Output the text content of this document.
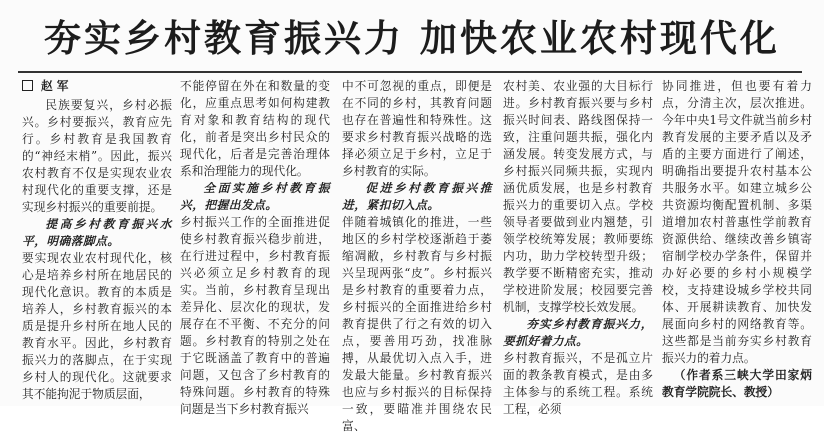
夯实乡村教育振兴力 加快农业农村现代化

赵 军

民族要复兴，乡村必振兴。乡村要振兴，教育应先行。乡村教育是我国教育的“神经末梢”。因此，振兴农村教育不仅是实现农业农村现代化的重要支撑，还是实现乡村振兴的重要前提。

提高乡村教育振兴水平，明确落脚点。

要实现农业农村现代化，核心是培养乡村所在地居民的现代化意识。教育的本质是培养人，乡村教育振兴的本质是提升乡村所在地人民的教育水平。因此，乡村教育振兴力的落脚点，在于实现乡村人的现代化。这就要求其不能拘泥于物质层面，

不能停留在外在和数量的变化，应重点思考如何构建教育对象和教育结构的现代化，前者是突出乡村民众的现代化，后者是完善治理体系和治理能力的现代化。

全面实施乡村教育振兴，把握出发点。

乡村振兴工作的全面推进促使乡村教育振兴稳步前进，在行进过程中，乡村教育振兴必须立足乡村教育的现实。当前，乡村教育呈现出差异化、层次化的现状，发展存在不平衡、不充分的问题。乡村教育的特别之处在于它既涵盖了教育中的普遍问题，又包含了乡村教育的特殊问题。乡村教育的特殊问题是当下乡村教育振兴

中不可忽视的重点，即便是在不同的乡村，其教育问题也存在普遍性和特殊性。这要求乡村教育振兴战略的选择必须立足于乡村，立足于乡村教育的实际。

促进乡村教育振兴推进，紧扣切入点。

伴随着城镇化的推进，一些地区的乡村学校逐渐趋于萎缩凋敝，乡村教育与乡村振兴呈现两张“皮”。乡村振兴是乡村教育的重要着力点，乡村振兴的全面推进给乡村教育提供了行之有效的切入点，要善用巧劲，找准脉搏，从最优切入点入手，进发最大能量。乡村教育振兴也应与乡村振兴的目标保持一致，要瞄准并围绕农民富、

农村美、农业强的大目标行进。乡村教育振兴要与乡村振兴时间表、路线图保持一致，注重问题共振，强化内涵发展。转变发展方式，与乡村振兴同频共振，实现内涵优质发展，也是乡村教育振兴力的重要切入点。学校领导者要做到业内翘楚，引领学校统筹发展；教师要练内功，助力学校转型升级；教学要不断精密充实，推动学校进阶发展；校园要完善机制，支撑学校长效发展。

夯实乡村教育振兴力，要抓好着力点。

乡村教育振兴，不是孤立片面的教条教育模式，是由多主体参与的系统工程。系统工程，必须

协同推进，但也要有着力点，分清主次，层次推进。今年中央1号文件就当前乡村教育发展的主要矛盾以及矛盾的主要方面进行了阐述，明确指出要提升农村基本公共服务水平。如建立城乡公共资源均衡配置机制、多渠道增加农村普惠性学前教育资源供给、继续改善乡镇寄宿制学校办学条件，保留并办好必要的乡村小规模学校，支持建设城乡学校共同体、开展耕读教育、加快发展面向乡村的网络教育等。这些都是当前夯实乡村教育振兴力的着力点。

（作者系三峡大学田家炳教育学院院长、教授）
